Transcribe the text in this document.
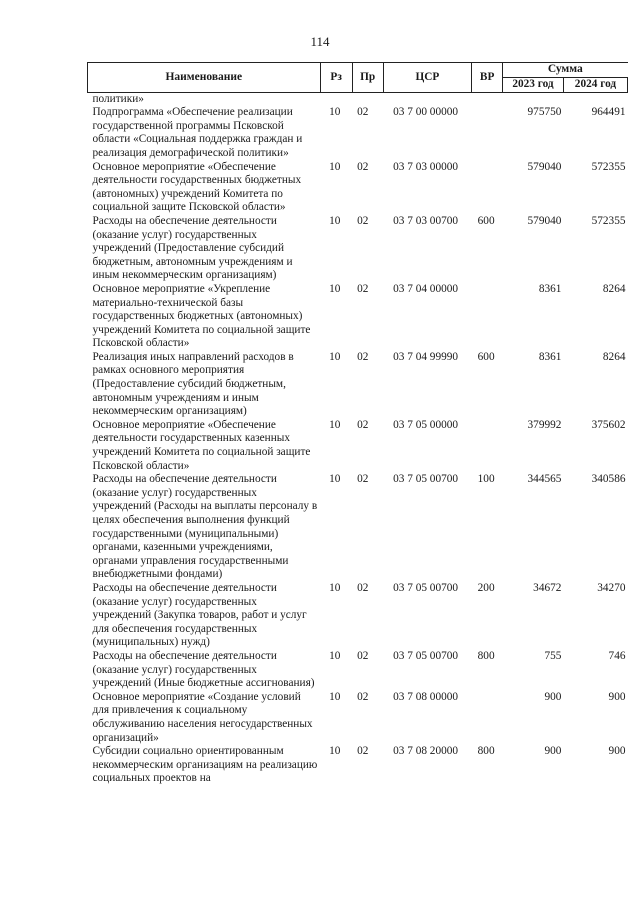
114
Наименование	Рз	Пр	ЦСР	ВР	Сумма	
					2023 год	2024 год
политики»						
Подпрограмма «Обеспечение реализации государственной программы Псковской области «Социальная поддержка граждан и реализация демографической политики»	10	02	03 7 00 00000		975750	964491
Основное мероприятие «Обеспечение деятельности государственных бюджетных (автономных) учреждений Комитета по социальной защите Псковской области»	10	02	03 7 03 00000		579040	572355
Расходы на обеспечение деятельности (оказание услуг) государственных учреждений (Предоставление субсидий бюджетным, автономным учреждениям и иным некоммерческим организациям)	10	02	03 7 03 00700	600	579040	572355
Основное мероприятие «Укрепление материально-технической базы государственных бюджетных (автономных) учреждений Комитета по социальной защите Псковской области»	10	02	03 7 04 00000		8361	8264
Реализация иных направлений расходов в рамках основного мероприятия (Предоставление субсидий бюджетным, автономным учреждениям и иным некоммерческим организациям)	10	02	03 7 04 99990	600	8361	8264
Основное мероприятие «Обеспечение деятельности государственных казенных учреждений Комитета по социальной защите Псковской области»	10	02	03 7 05 00000		379992	375602
Расходы на обеспечение деятельности (оказание услуг) государственных учреждений (Расходы на выплаты персоналу в целях обеспечения выполнения функций государственными (муниципальными) органами, казенными учреждениями, органами управления государственными внебюджетными фондами)	10	02	03 7 05 00700	100	344565	340586
Расходы на обеспечение деятельности (оказание услуг) государственных учреждений (Закупка товаров, работ и услуг для обеспечения государственных (муниципальных) нужд)	10	02	03 7 05 00700	200	34672	34270
Расходы на обеспечение деятельности (оказание услуг) государственных учреждений (Иные бюджетные ассигнования)	10	02	03 7 05 00700	800	755	746
Основное мероприятие «Создание условий для привлечения к социальному обслуживанию населения негосударственных организаций»	10	02	03 7 08 00000		900	900
Субсидии социально ориентированным некоммерческим организациям на реализацию социальных проектов на	10	02	03 7 08 20000	800	900	900
